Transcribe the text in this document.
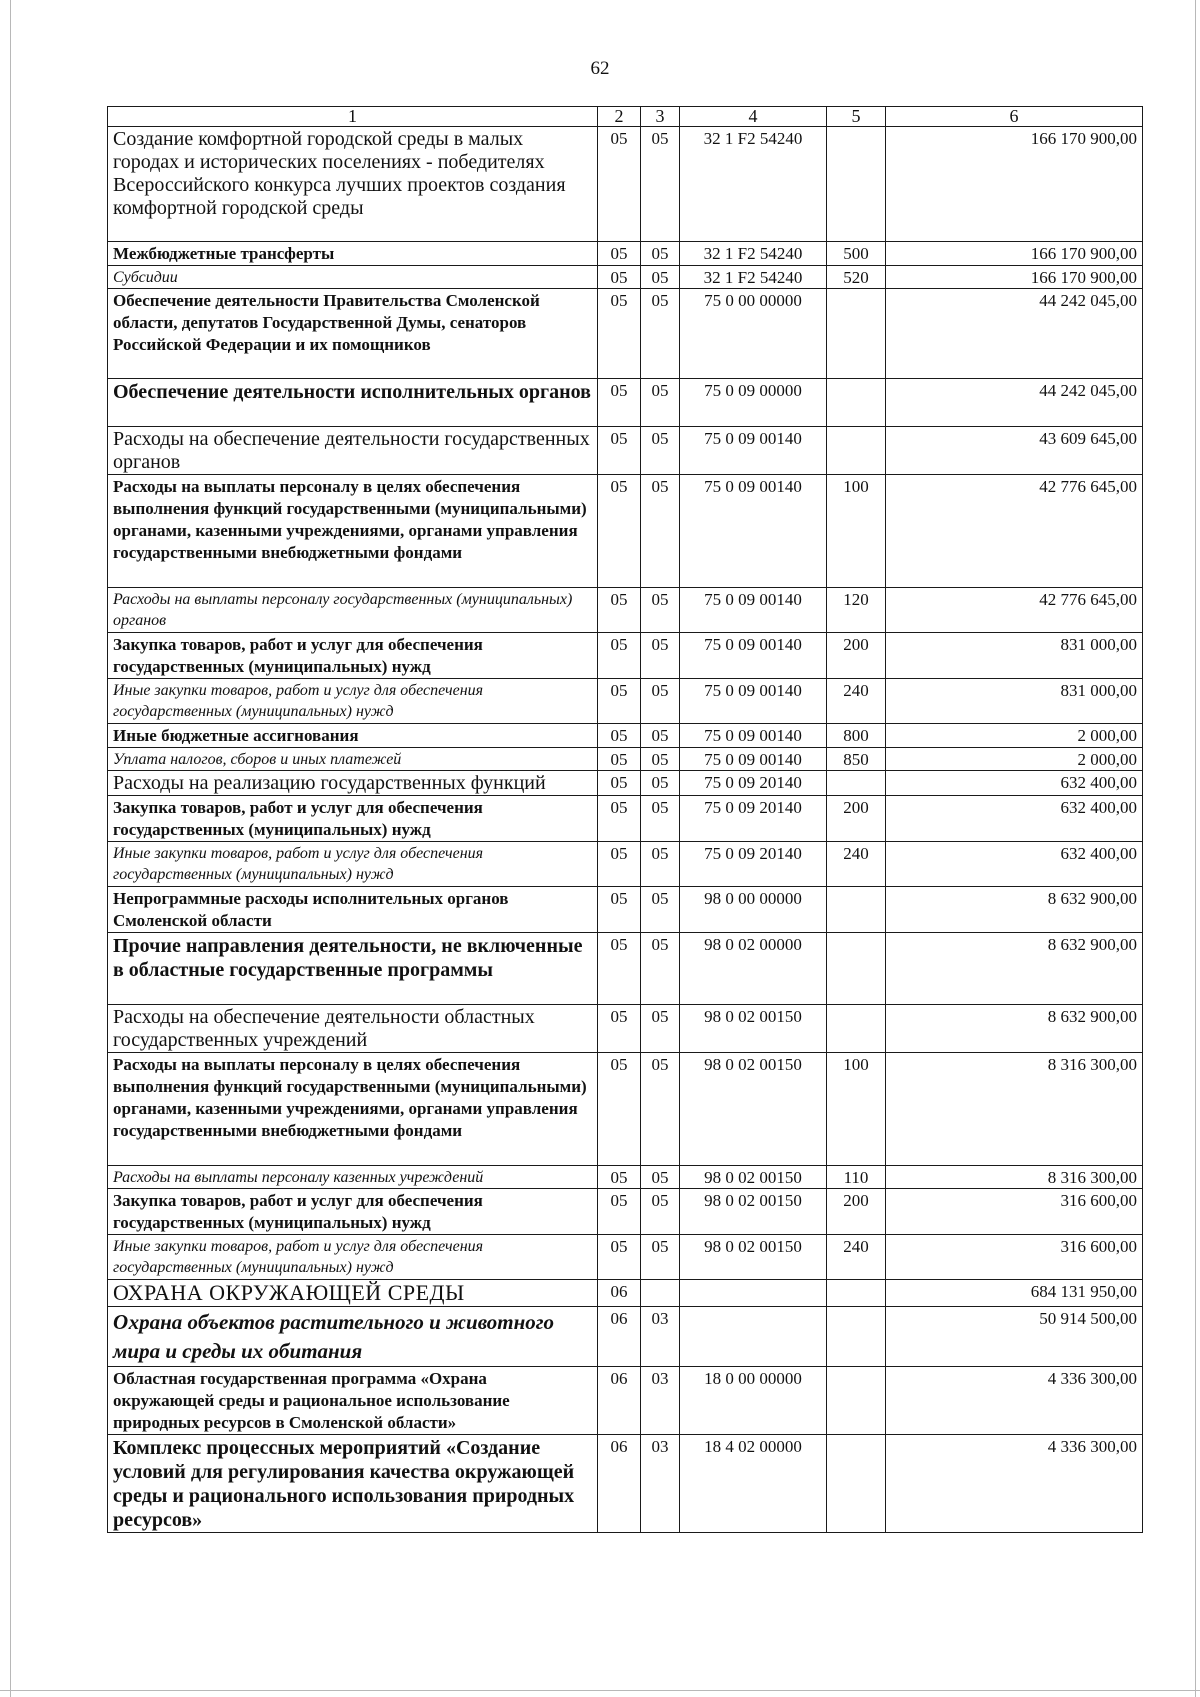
62
1	2	3	4	5	6
Создание комфортной городской среды в малых городах и исторических поселениях - победителях Всероссийского конкурса лучших проектов создания комфортной городской среды	05	05	32 1 F2 54240		166 170 900,00
Межбюджетные трансферты	05	05	32 1 F2 54240	500	166 170 900,00
Субсидии	05	05	32 1 F2 54240	520	166 170 900,00
Обеспечение деятельности Правительства Смоленской области, депутатов Государственной Думы, сенаторов Российской Федерации и их помощников	05	05	75 0 00 00000		44 242 045,00
Обеспечение деятельности исполнительных органов	05	05	75 0 09 00000		44 242 045,00
Расходы на обеспечение деятельности государственных органов	05	05	75 0 09 00140		43 609 645,00
Расходы на выплаты персоналу в целях обеспечения выполнения функций государственными (муниципальными) органами, казенными учреждениями, органами управления государственными внебюджетными фондами	05	05	75 0 09 00140	100	42 776 645,00
Расходы на выплаты персоналу государственных (муниципальных) органов	05	05	75 0 09 00140	120	42 776 645,00
Закупка товаров, работ и услуг для обеспечения государственных (муниципальных) нужд	05	05	75 0 09 00140	200	831 000,00
Иные закупки товаров, работ и услуг для обеспечения государственных (муниципальных) нужд	05	05	75 0 09 00140	240	831 000,00
Иные бюджетные ассигнования	05	05	75 0 09 00140	800	2 000,00
Уплата налогов, сборов и иных платежей	05	05	75 0 09 00140	850	2 000,00
Расходы на реализацию государственных функций	05	05	75 0 09 20140		632 400,00
Закупка товаров, работ и услуг для обеспечения государственных (муниципальных) нужд	05	05	75 0 09 20140	200	632 400,00
Иные закупки товаров, работ и услуг для обеспечения государственных (муниципальных) нужд	05	05	75 0 09 20140	240	632 400,00
Непрограммные расходы исполнительных органов Смоленской области	05	05	98 0 00 00000		8 632 900,00
Прочие направления деятельности, не включенные в областные государственные программы	05	05	98 0 02 00000		8 632 900,00
Расходы на обеспечение деятельности областных государственных учреждений	05	05	98 0 02 00150		8 632 900,00
Расходы на выплаты персоналу в целях обеспечения выполнения функций государственными (муниципальными) органами, казенными учреждениями, органами управления государственными внебюджетными фондами	05	05	98 0 02 00150	100	8 316 300,00
Расходы на выплаты персоналу казенных учреждений	05	05	98 0 02 00150	110	8 316 300,00
Закупка товаров, работ и услуг для обеспечения государственных (муниципальных) нужд	05	05	98 0 02 00150	200	316 600,00
Иные закупки товаров, работ и услуг для обеспечения государственных (муниципальных) нужд	05	05	98 0 02 00150	240	316 600,00
ОХРАНА ОКРУЖАЮЩЕЙ СРЕДЫ	06				684 131 950,00
Охрана объектов растительного и животного мира и среды их обитания	06	03			50 914 500,00
Областная государственная программа «Охрана окружающей среды и рациональное использование природных ресурсов в Смоленской области»	06	03	18 0 00 00000		4 336 300,00
Комплекс процессных мероприятий «Создание условий для регулирования качества окружающей среды и рационального использования природных ресурсов»	06	03	18 4 02 00000		4 336 300,00
